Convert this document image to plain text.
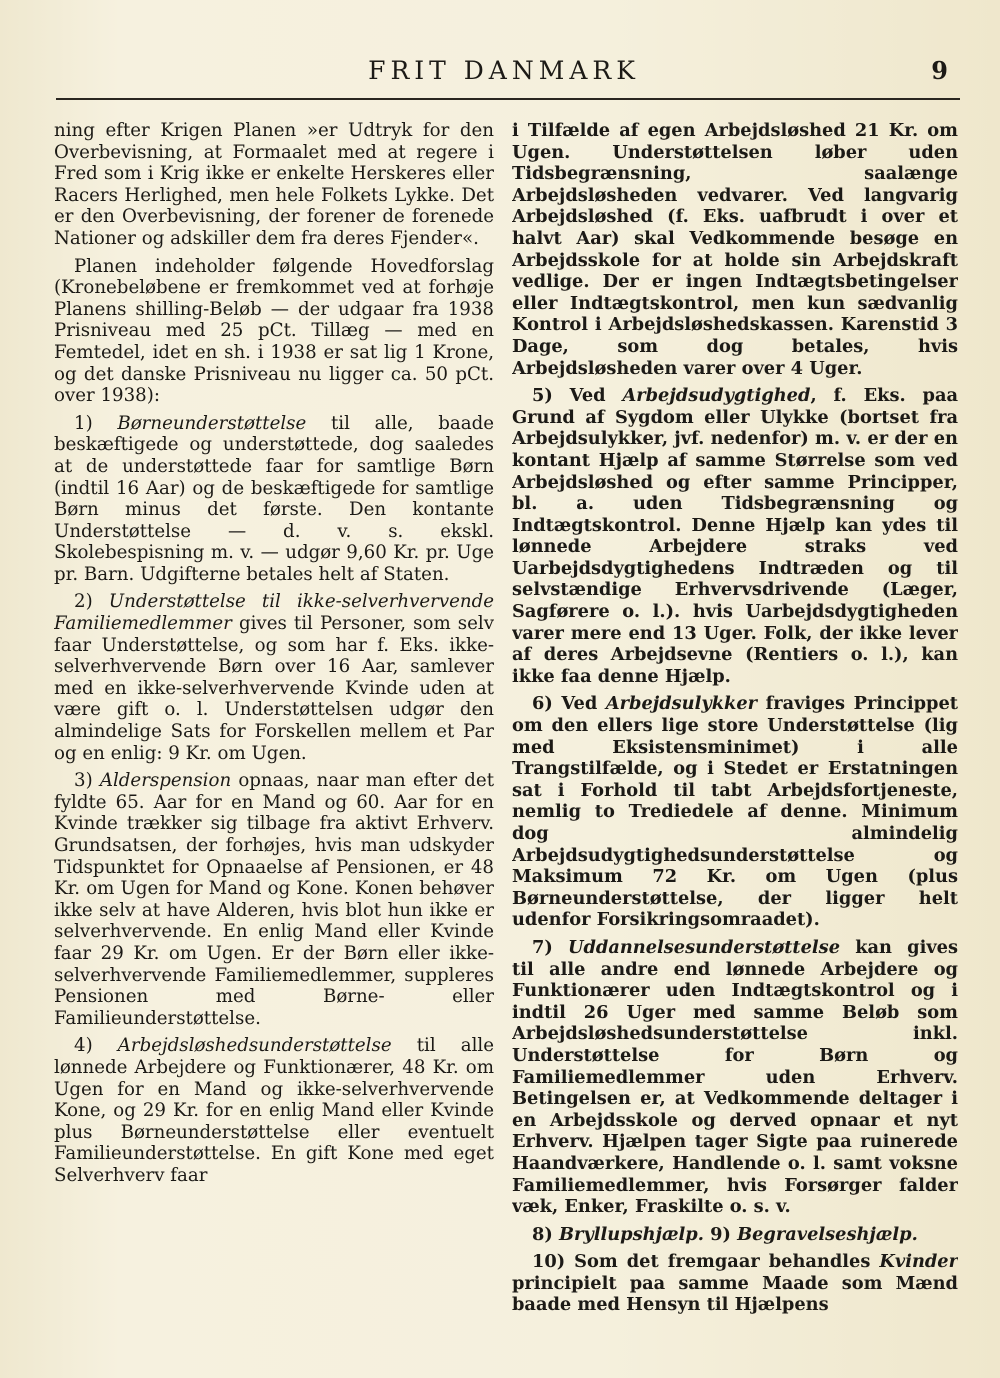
FRIT DANMARK	9

ning efter Krigen Planen »er Udtryk for den Overbevisning, at Formaalet med at regere i Fred som i Krig ikke er enkelte Herskeres eller Racers Herlighed, men hele Folkets Lykke. Det er den Overbevisning, der forener de forenede Nationer og adskiller dem fra deres Fjender«.

Planen indeholder følgende Hovedforslag (Kronebeløbene er fremkommet ved at forhøje Planens shilling-Beløb — der udgaar fra 1938 Prisniveau med 25 pCt. Tillæg — med en Femtedel, idet en sh. i 1938 er sat lig 1 Krone, og det danske Prisniveau nu ligger ca. 50 pCt. over 1938):

1) Børneunderstøttelse til alle, baade beskæftigede og understøttede, dog saaledes at de understøttede faar for samtlige Børn (indtil 16 Aar) og de beskæftigede for samtlige Børn minus det første. Den kontante Understøttelse — d. v. s. ekskl. Skolebespisning m. v. — udgør 9,60 Kr. pr. Uge pr. Barn. Udgifterne betales helt af Staten.

2) Understøttelse til ikke-selverhvervende Familiemedlemmer gives til Personer, som selv faar Understøttelse, og som har f. Eks. ikke-selverhvervende Børn over 16 Aar, samlever med en ikke-selverhvervende Kvinde uden at være gift o. l. Understøttelsen udgør den almindelige Sats for Forskellen mellem et Par og en enlig: 9 Kr. om Ugen.

3) Alderspension opnaas, naar man efter det fyldte 65. Aar for en Mand og 60. Aar for en Kvinde trækker sig tilbage fra aktivt Erhverv. Grundsatsen, der forhøjes, hvis man udskyder Tidspunktet for Opnaaelse af Pensionen, er 48 Kr. om Ugen for Mand og Kone. Konen behøver ikke selv at have Alderen, hvis blot hun ikke er selverhvervende. En enlig Mand eller Kvinde faar 29 Kr. om Ugen. Er der Børn eller ikke-selverhvervende Familiemedlemmer, suppleres Pensionen med Børne- eller Familieunderstøttelse.

4) Arbejdsløshedsunderstøttelse til alle lønnede Arbejdere og Funktionærer, 48 Kr. om Ugen for en Mand og ikke-selverhvervende Kone, og 29 Kr. for en enlig Mand eller Kvinde plus Børneunderstøttelse eller eventuelt Familieunderstøttelse. En gift Kone med eget Selverhverv faar

i Tilfælde af egen Arbejdsløshed 21 Kr. om Ugen. Understøttelsen løber uden Tidsbegrænsning, saalænge Arbejdsløsheden vedvarer. Ved langvarig Arbejdsløshed (f. Eks. uafbrudt i over et halvt Aar) skal Vedkommende besøge en Arbejdsskole for at holde sin Arbejdskraft vedlige. Der er ingen Indtægtsbetingelser eller Indtægtskontrol, men kun sædvanlig Kontrol i Arbejdsløshedskassen. Karenstid 3 Dage, som dog betales, hvis Arbejdsløsheden varer over 4 Uger.

5) Ved Arbejdsudygtighed, f. Eks. paa Grund af Sygdom eller Ulykke (bortset fra Arbejdsulykker, jvf. nedenfor) m. v. er der en kontant Hjælp af samme Størrelse som ved Arbejdsløshed og efter samme Principper, bl. a. uden Tidsbegrænsning og Indtægtskontrol. Denne Hjælp kan ydes til lønnede Arbejdere straks ved Uarbejdsdygtighedens Indtræden og til selvstændige Erhvervsdrivende (Læger, Sagførere o. l.). hvis Uarbejdsdygtigheden varer mere end 13 Uger. Folk, der ikke lever af deres Arbejdsevne (Rentiers o. l.), kan ikke faa denne Hjælp.

6) Ved Arbejdsulykker fraviges Princippet om den ellers lige store Understøttelse (lig med Eksistensminimet) i alle Trangstilfælde, og i Stedet er Erstatningen sat i Forhold til tabt Arbejdsfortjeneste, nemlig to Trediedele af denne. Minimum dog almindelig Arbejdsudygtighedsunderstøttelse og Maksimum 72 Kr. om Ugen (plus Børneunderstøttelse, der ligger helt udenfor Forsikringsomraadet).

7) Uddannelsesunderstøttelse kan gives til alle andre end lønnede Arbejdere og Funktionærer uden Indtægtskontrol og i indtil 26 Uger med samme Beløb som Arbejdsløshedsunderstøttelse inkl. Understøttelse for Børn og Familiemedlemmer uden Erhverv. Betingelsen er, at Vedkommende deltager i en Arbejdsskole og derved opnaar et nyt Erhverv. Hjælpen tager Sigte paa ruinerede Haandværkere, Handlende o. l. samt voksne Familiemedlemmer, hvis Forsørger falder væk, Enker, Fraskilte o. s. v.

8) Bryllupshjælp. 9) Begravelseshjælp.

10) Som det fremgaar behandles Kvinder principielt paa samme Maade som Mænd baade med Hensyn til Hjælpens
